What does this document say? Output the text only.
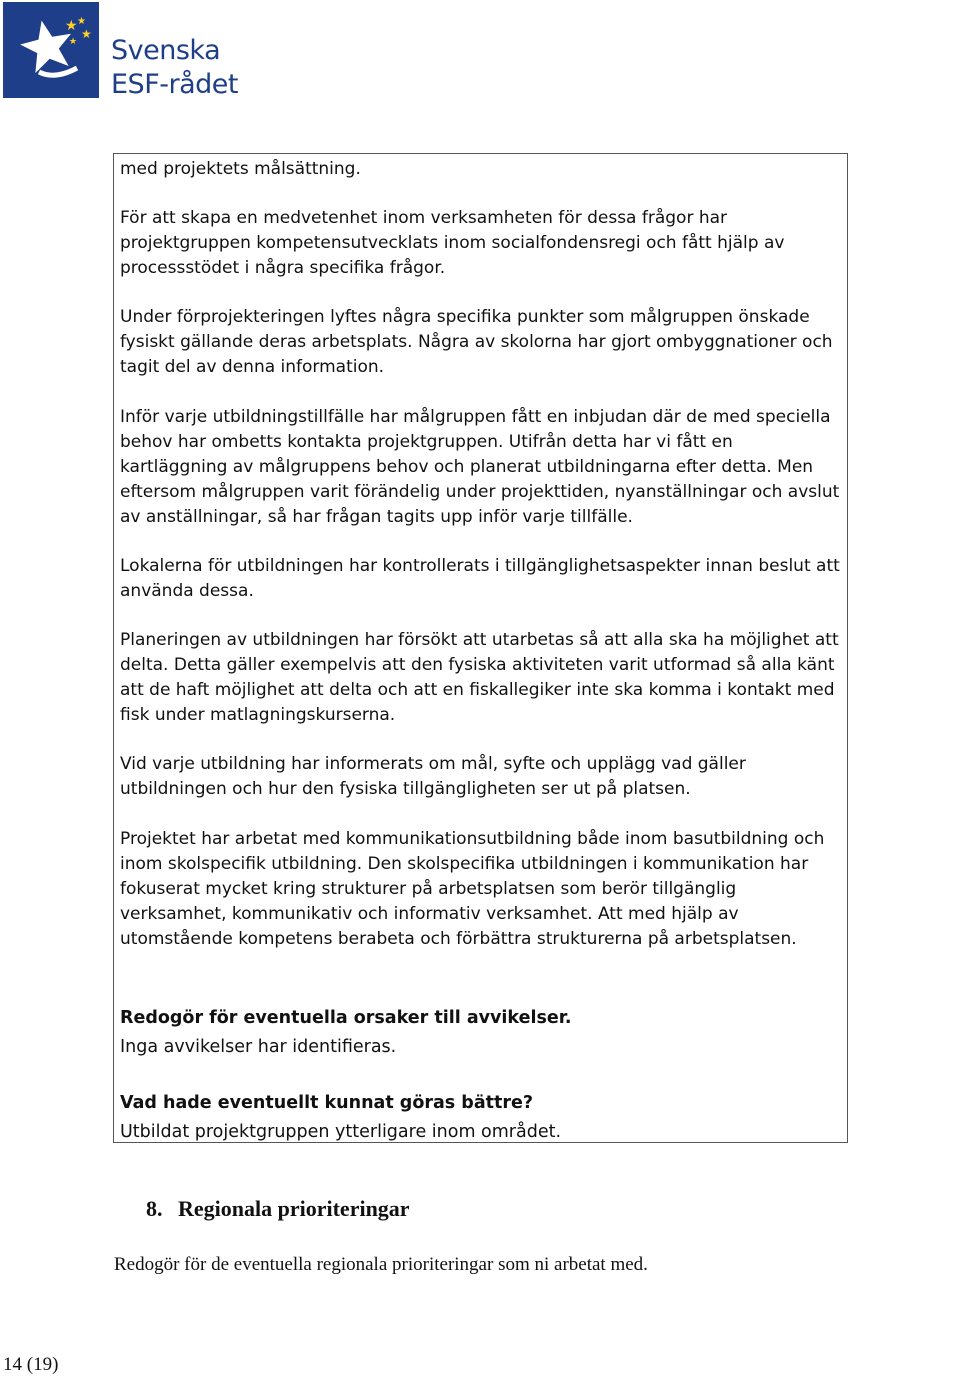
★ ★
★
★ Svenska
ESF-rådet

med projektets målsättning.

För att skapa en medvetenhet inom verksamheten för dessa frågor har projektgruppen kompetensutvecklats inom socialfondensregi och fått hjälp av processstödet i några specifika frågor.

Under förprojekteringen lyftes några specifika punkter som målgruppen önskade fysiskt gällande deras arbetsplats. Några av skolorna har gjort ombyggnationer och tagit del av denna information.

Inför varje utbildningstillfälle har målgruppen fått en inbjudan där de med speciella behov har ombetts kontakta projektgruppen. Utifrån detta har vi fått en kartläggning av målgruppens behov och planerat utbildningarna efter detta. Men eftersom målgruppen varit förändelig under projekttiden, nyanställningar och avslut av anställningar, så har frågan tagits upp inför varje tillfälle.

Lokalerna för utbildningen har kontrollerats i tillgänglighetsaspekter innan beslut att använda dessa.

Planeringen av utbildningen har försökt att utarbetas så att alla ska ha möjlighet att delta. Detta gäller exempelvis att den fysiska aktiviteten varit utformad så alla känt att de haft möjlighet att delta och att en fiskallegiker inte ska komma i kontakt med fisk under matlagningskurserna.

Vid varje utbildning har informerats om mål, syfte och upplägg vad gäller utbildningen och hur den fysiska tillgängligheten ser ut på platsen.

Projektet har arbetat med kommunikationsutbildning både inom basutbildning och inom skolspecifik utbildning. Den skolspecifika utbildningen i kommunikation har fokuserat mycket kring strukturer på arbetsplatsen som berör tillgänglig verksamhet, kommunikativ och informativ verksamhet. Att med hjälp av utomstående kompetens berabeta och förbättra strukturerna på arbetsplatsen.

Redogör för eventuella orsaker till avvikelser.

Inga avvikelser har identifieras.

Vad hade eventuellt kunnat göras bättre?

Utbildat projektgruppen ytterligare inom området.

8. Regionala prioriteringar

Redogör för de eventuella regionala prioriteringar som ni arbetat med.

14 (19)
